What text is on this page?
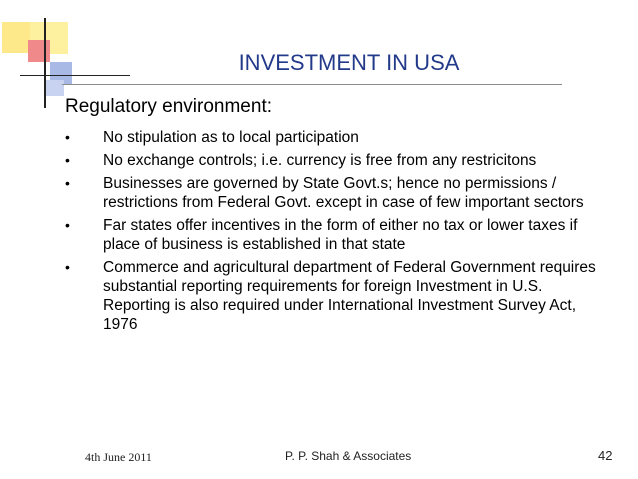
INVESTMENT IN USA
Regulatory environment:
• No stipulation as to local participation
• No exchange controls; i.e. currency is free from any restricitons
• Businesses are governed by State Govt.s; hence no permissions / restrictions from Federal Govt. except in case of few important sectors
• Far states offer incentives in the form of either no tax or lower taxes if place of business is established in that state
• Commerce and agricultural department of Federal Government requires substantial reporting requirements for foreign Investment in U.S. Reporting is also required under International Investment Survey Act, 1976
4th June 2011	P. P. Shah & Associates	42
